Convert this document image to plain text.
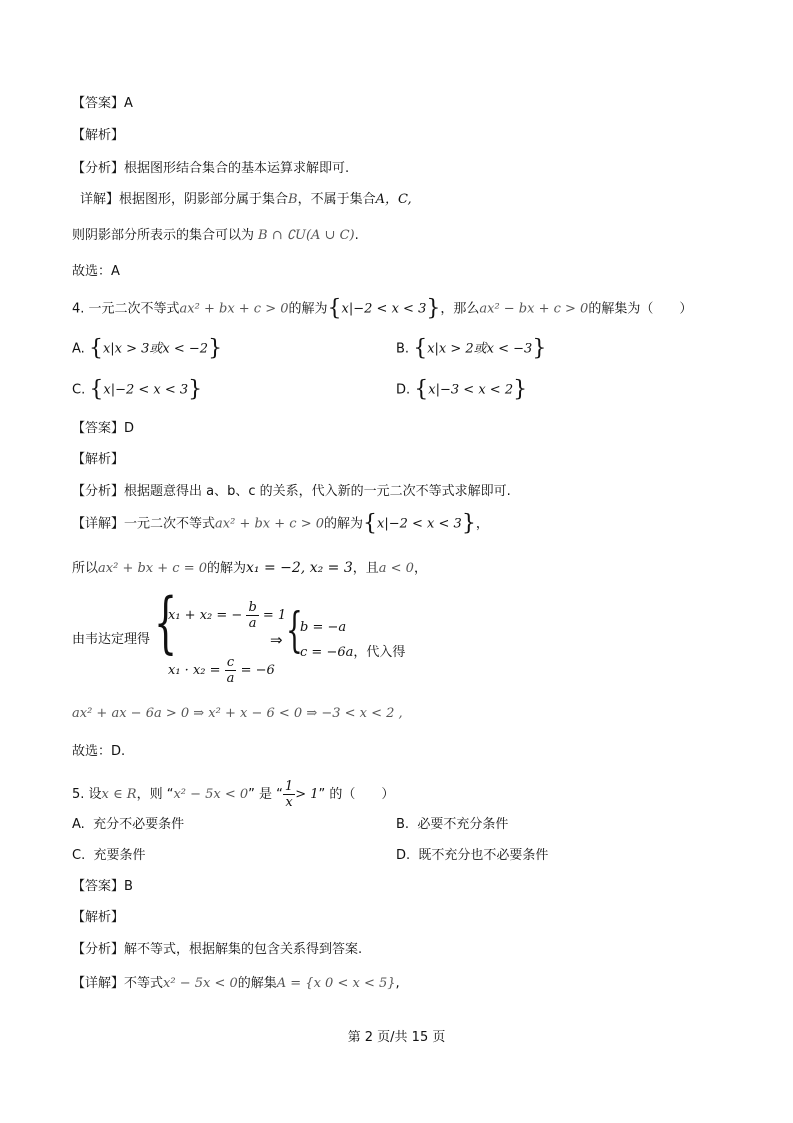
【答案】A
【解析】
【分析】根据图形结合集合的基本运算求解即可.
详解】根据图形，阴影部分属于集合B，不属于集合A，C,
则阴影部分所表示的集合可以为 B ∩ ∁U(A ∪ C).
故选：A
4. 一元二次不等式ax² + bx + c > 0的解为{x|−2 < x < 3}，那么ax² − bx + c > 0的解集为（　　）
A. {x|x > 3或x < −2}	B. {x|x > 2或x < −3}
C. {x|−2 < x < 3}	D. {x|−3 < x < 2}
【答案】D
【解析】
【分析】根据题意得出 a、b、c 的关系，代入新的一元二次不等式求解即可.
【详解】一元二次不等式ax² + bx + c > 0的解为{x|−2 < x < 3}，
所以ax² + bx + c = 0的解为x₁ = −2, x₂ = 3，且a < 0，
由韦达定理得 {
x₁ + x₂ = − $\frac{b}{a} = 1$
$x_1 \cdot x_2 = \frac{c}{a} = -6$
⇒ {
b = −a
c = −6a，代入得
ax² + ax − 6a > 0 ⇒ x² + x − 6 < 0 ⇒ −3 < x < 2 ,
故选：D.
5. 设x ∈ R，则 “x² − 5x < 0” 是 “ $\frac{1}{x} > 1$” 的（　　）
A. 充分不必要条件	B. 必要不充分条件
C. 充要条件	D. 既不充分也不必要条件
【答案】B
【解析】
【分析】解不等式，根据解集的包含关系得到答案.
【详解】不等式x² − 5x < 0的解集A = {x 0 < x < 5},
第 2 页/共 15 页
